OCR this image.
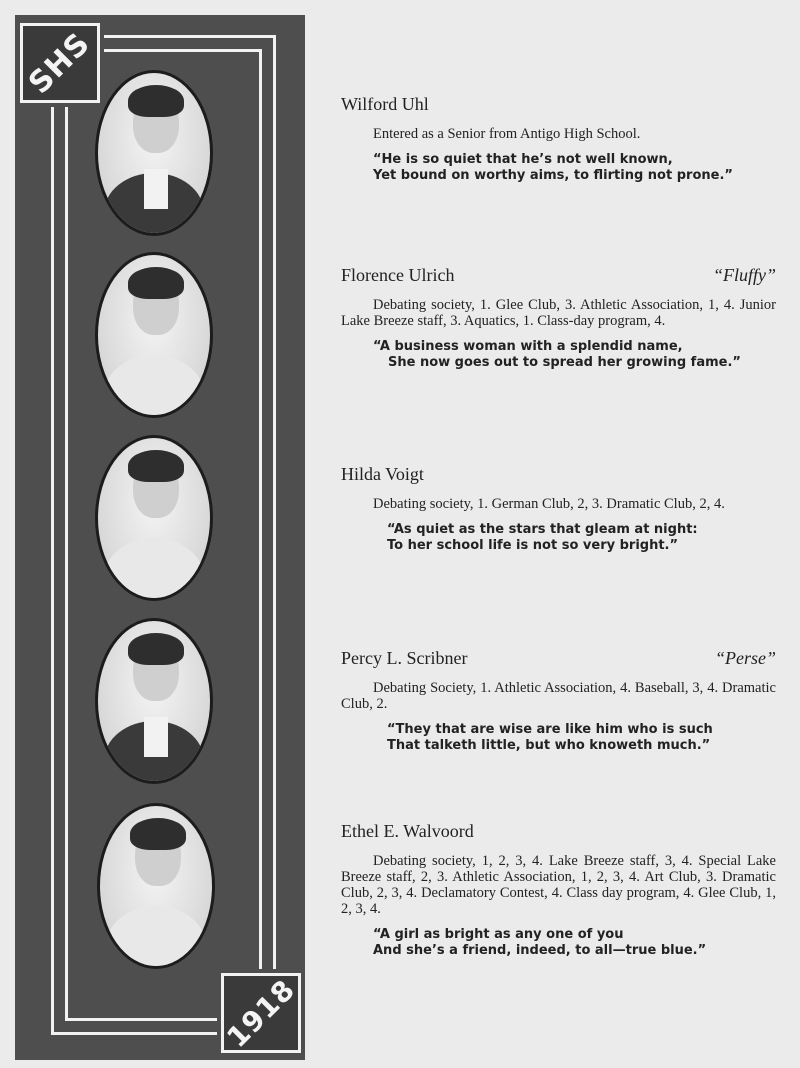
SHS
1918
Wilford Uhl

Entered as a Senior from Antigo High School.

“He is so quiet that he’s not well known,
Yet bound on worthy aims, to flirting not prone.”
Florence Ulrich	“Fluffy”

Debating society, 1. Glee Club, 3. Athletic Association, 1, 4. Junior Lake Breeze staff, 3. Aquatics, 1. Class-day program, 4.

“A business woman with a splendid name,
She now goes out to spread her growing fame.”
Hilda Voigt

Debating society, 1. German Club, 2, 3. Dramatic Club, 2, 4.

“As quiet as the stars that gleam at night:
To her school life is not so very bright.”
Percy L. Scribner	“Perse”

Debating Society, 1. Athletic Association, 4. Baseball, 3, 4. Dramatic Club, 2.

“They that are wise are like him who is such
That talketh little, but who knoweth much.”
Ethel E. Walvoord

Debating society, 1, 2, 3, 4. Lake Breeze staff, 3, 4. Special Lake Breeze staff, 2, 3. Athletic Association, 1, 2, 3, 4. Art Club, 3. Dramatic Club, 2, 3, 4. Declamatory Contest, 4. Class day program, 4. Glee Club, 1, 2, 3, 4.

“A girl as bright as any one of you
And she’s a friend, indeed, to all—true blue.”
